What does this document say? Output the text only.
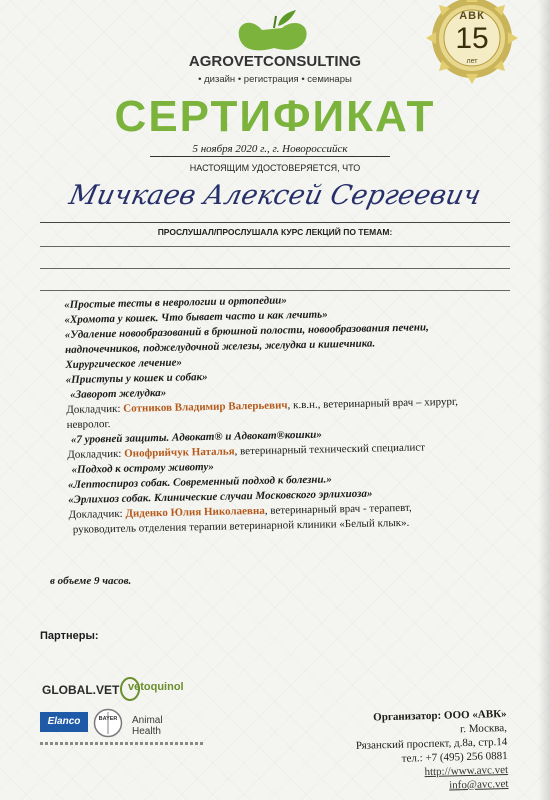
АВК
15
лет
AGROVETCONSULTING
• дизайн • регистрация • семинары
СЕРТИФИКАТ
5 ноября 2020 г., г. Новороссийск
НАСТОЯЩИМ УДОСТОВЕРЯЕТСЯ, ЧТО
Мичкаев Алексей Сергеевич
ПРОСЛУШАЛ/ПРОСЛУШАЛА КУРС ЛЕКЦИЙ ПО ТЕМАМ:
«Простые тесты в неврологии и ортопедии»
«Хромота у кошек. Что бывает часто и как лечить»
«Удаление новообразований в брюшной полости, новообразования печени,
надпочечников, поджелудочной железы, желудка и кишечника.
Хирургическое лечение»
«Приступы у кошек и собак»
«Заворот желудка»
Докладчик: Сотников Владимир Валерьевич, к.в.н., ветеринарный врач – хирург,
невролог.
«7 уровней защиты. Адвокат® и Адвокат®кошки»
Докладчик: Онофрийчук Наталья, ветеринарный технический специалист
«Подход к острому животу»
«Лептоспироз собак. Современный подход к болезни.»
«Эрлихиоз собак. Клинические случаи Московского эрлихиоза»
Докладчик: Диденко Юлия Николаевна, ветеринарный врач - терапевт,
руководитель отделения терапии ветеринарной клиники «Белый клык».
в объеме 9 часов.
Партнеры:
GLOBAL.VET vetoquinol
Elanco	BAYER Animal
Health
Организатор: ООО «АВК»
г. Москва,
Рязанский проспект, д.8а, стр.14
тел.: +7 (495) 256 0881
http://www.avc.vet
info@avc.vet
